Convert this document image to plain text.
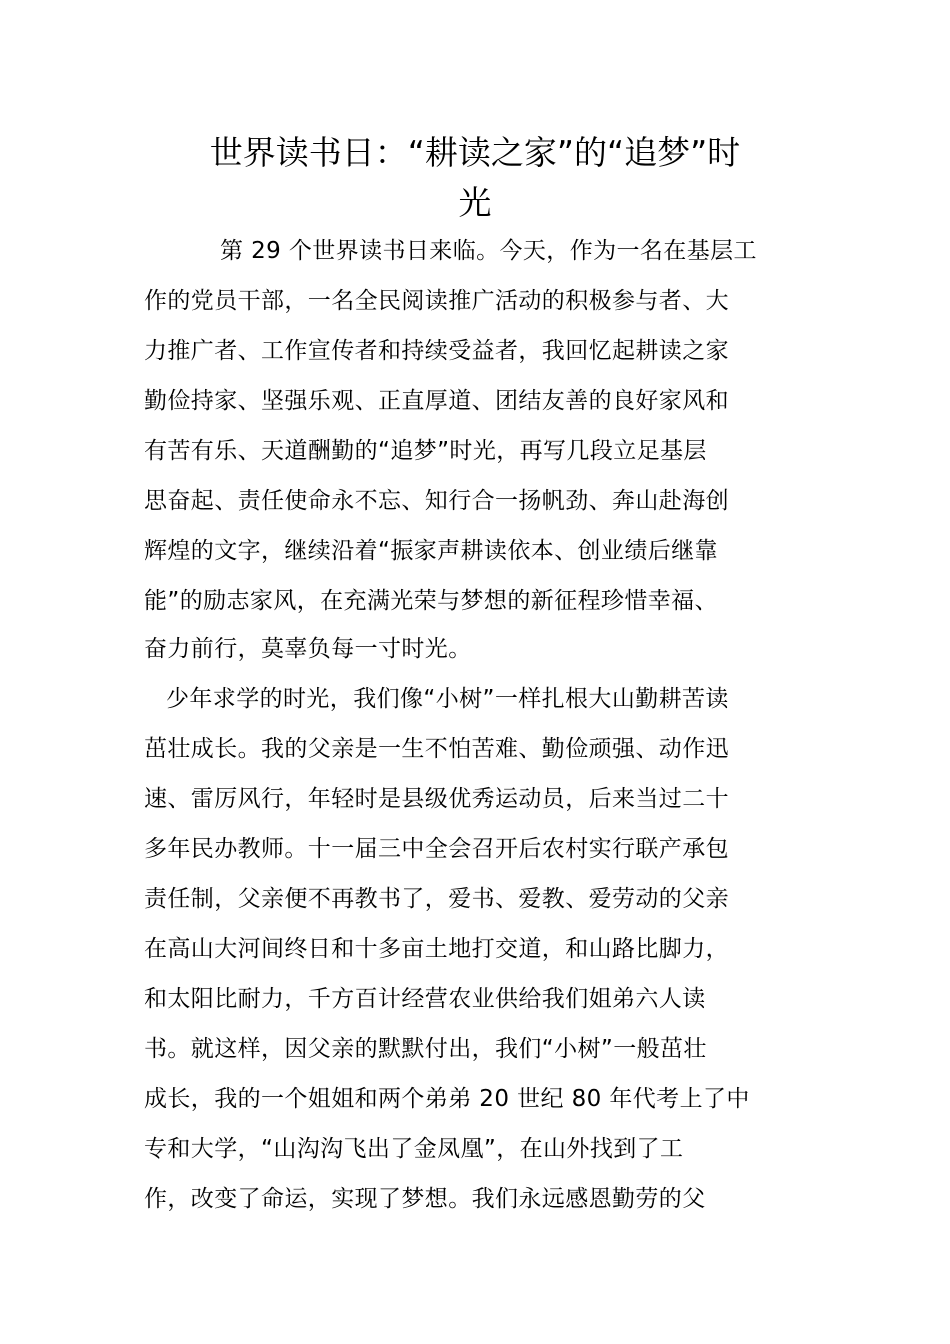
世界读书日：“耕读之家”的“追梦”时
光
第 29 个世界读书日来临。今天，作为一名在基层工
作的党员干部，一名全民阅读推广活动的积极参与者、大
力推广者、工作宣传者和持续受益者，我回忆起耕读之家
勤俭持家、坚强乐观、正直厚道、团结友善的良好家风和
有苦有乐、天道酬勤的“追梦”时光，再写几段立足基层
思奋起、责任使命永不忘、知行合一扬帆劲、奔山赴海创
辉煌的文字，继续沿着“振家声耕读依本、创业绩后继靠
能”的励志家风，在充满光荣与梦想的新征程珍惜幸福、
奋力前行，莫辜负每一寸时光。
少年求学的时光，我们像“小树”一样扎根大山勤耕苦读
茁壮成长。我的父亲是一生不怕苦难、勤俭顽强、动作迅
速、雷厉风行，年轻时是县级优秀运动员，后来当过二十
多年民办教师。十一届三中全会召开后农村实行联产承包
责任制，父亲便不再教书了，爱书、爱教、爱劳动的父亲
在高山大河间终日和十多亩土地打交道，和山路比脚力，
和太阳比耐力，千方百计经营农业供给我们姐弟六人读
书。就这样，因父亲的默默付出，我们“小树”一般茁壮
成长，我的一个姐姐和两个弟弟 20 世纪 80 年代考上了中
专和大学，“山沟沟飞出了金凤凰”，在山外找到了工
作，改变了命运，实现了梦想。我们永远感恩勤劳的父
